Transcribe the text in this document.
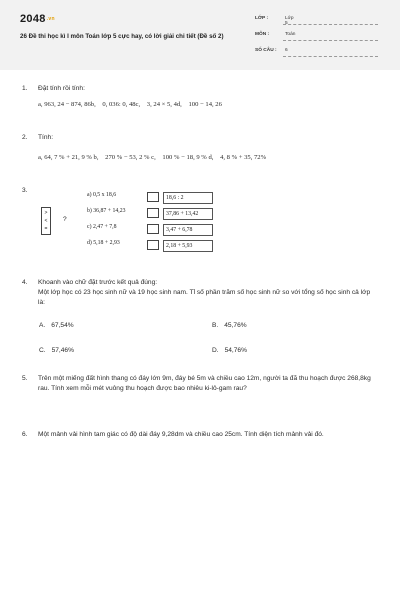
2048.vn
26 Đề thi học kì I môn Toán lớp 5 cực hay, có lời giải chi tiết (Đề số 2)
LỚP :	Lớp 5
MÔN :	Toán
SỐ CÂU :	6
1. Đặt tính rồi tính:
a, 963, 24 − 874, 86b, 0, 036: 0, 48c, 3, 24 × 5, 4d, 100 − 14, 26
2. Tính:
a, 64, 7 % + 21, 9 % b, 270 % − 53, 2 % c, 100 % − 18, 9 % d, 4, 8 % + 35, 72%
3.
>
<
=
?
a) 0,5 x 18,6	18,6 : 2
b) 36,87 + 14,23	37,86 + 13,42
c) 2,47 + 7,8	3,47 + 6,78
d) 5,18 + 2,93	2,18 + 5,93
4. Khoanh vào chữ đặt trước kết quả đúng:
Một lớp học có 23 học sinh nữ và 19 học sinh nam. Tỉ số phần trăm số học sinh nữ so với tổng số học sinh cả lớp là:
A. 67,54%	B. 45,76%
C. 57,46%	D. 54,76%
5. Trên một miếng đất hình thang có đáy lớn 9m, đáy bé 5m và chiều cao 12m, người ta đã thu hoạch được 268,8kg rau. Tính xem mỗi mét vuông thu hoạch được bao nhiêu ki-lô-gam rau?
6. Một mảnh vải hình tam giác có độ dài đáy 9,28dm và chiều cao 25cm. Tính diện tích mảnh vải đó.
